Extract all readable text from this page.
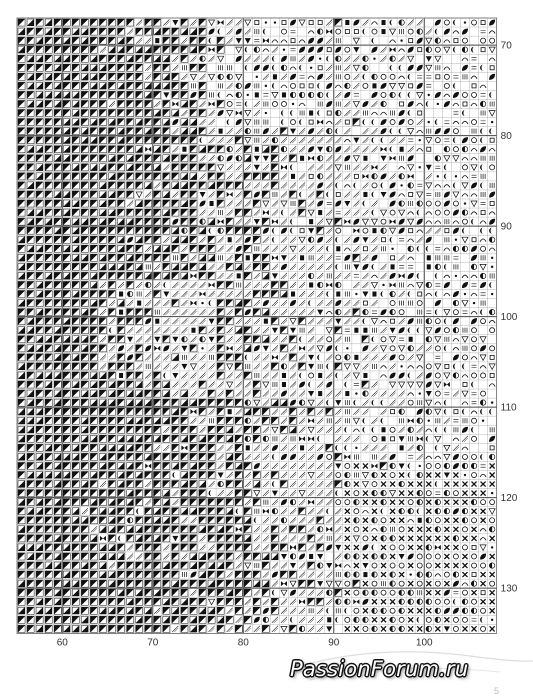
60	70	80	90	100
70
80
90
100
110
120
130
PassionForum.ru
5
